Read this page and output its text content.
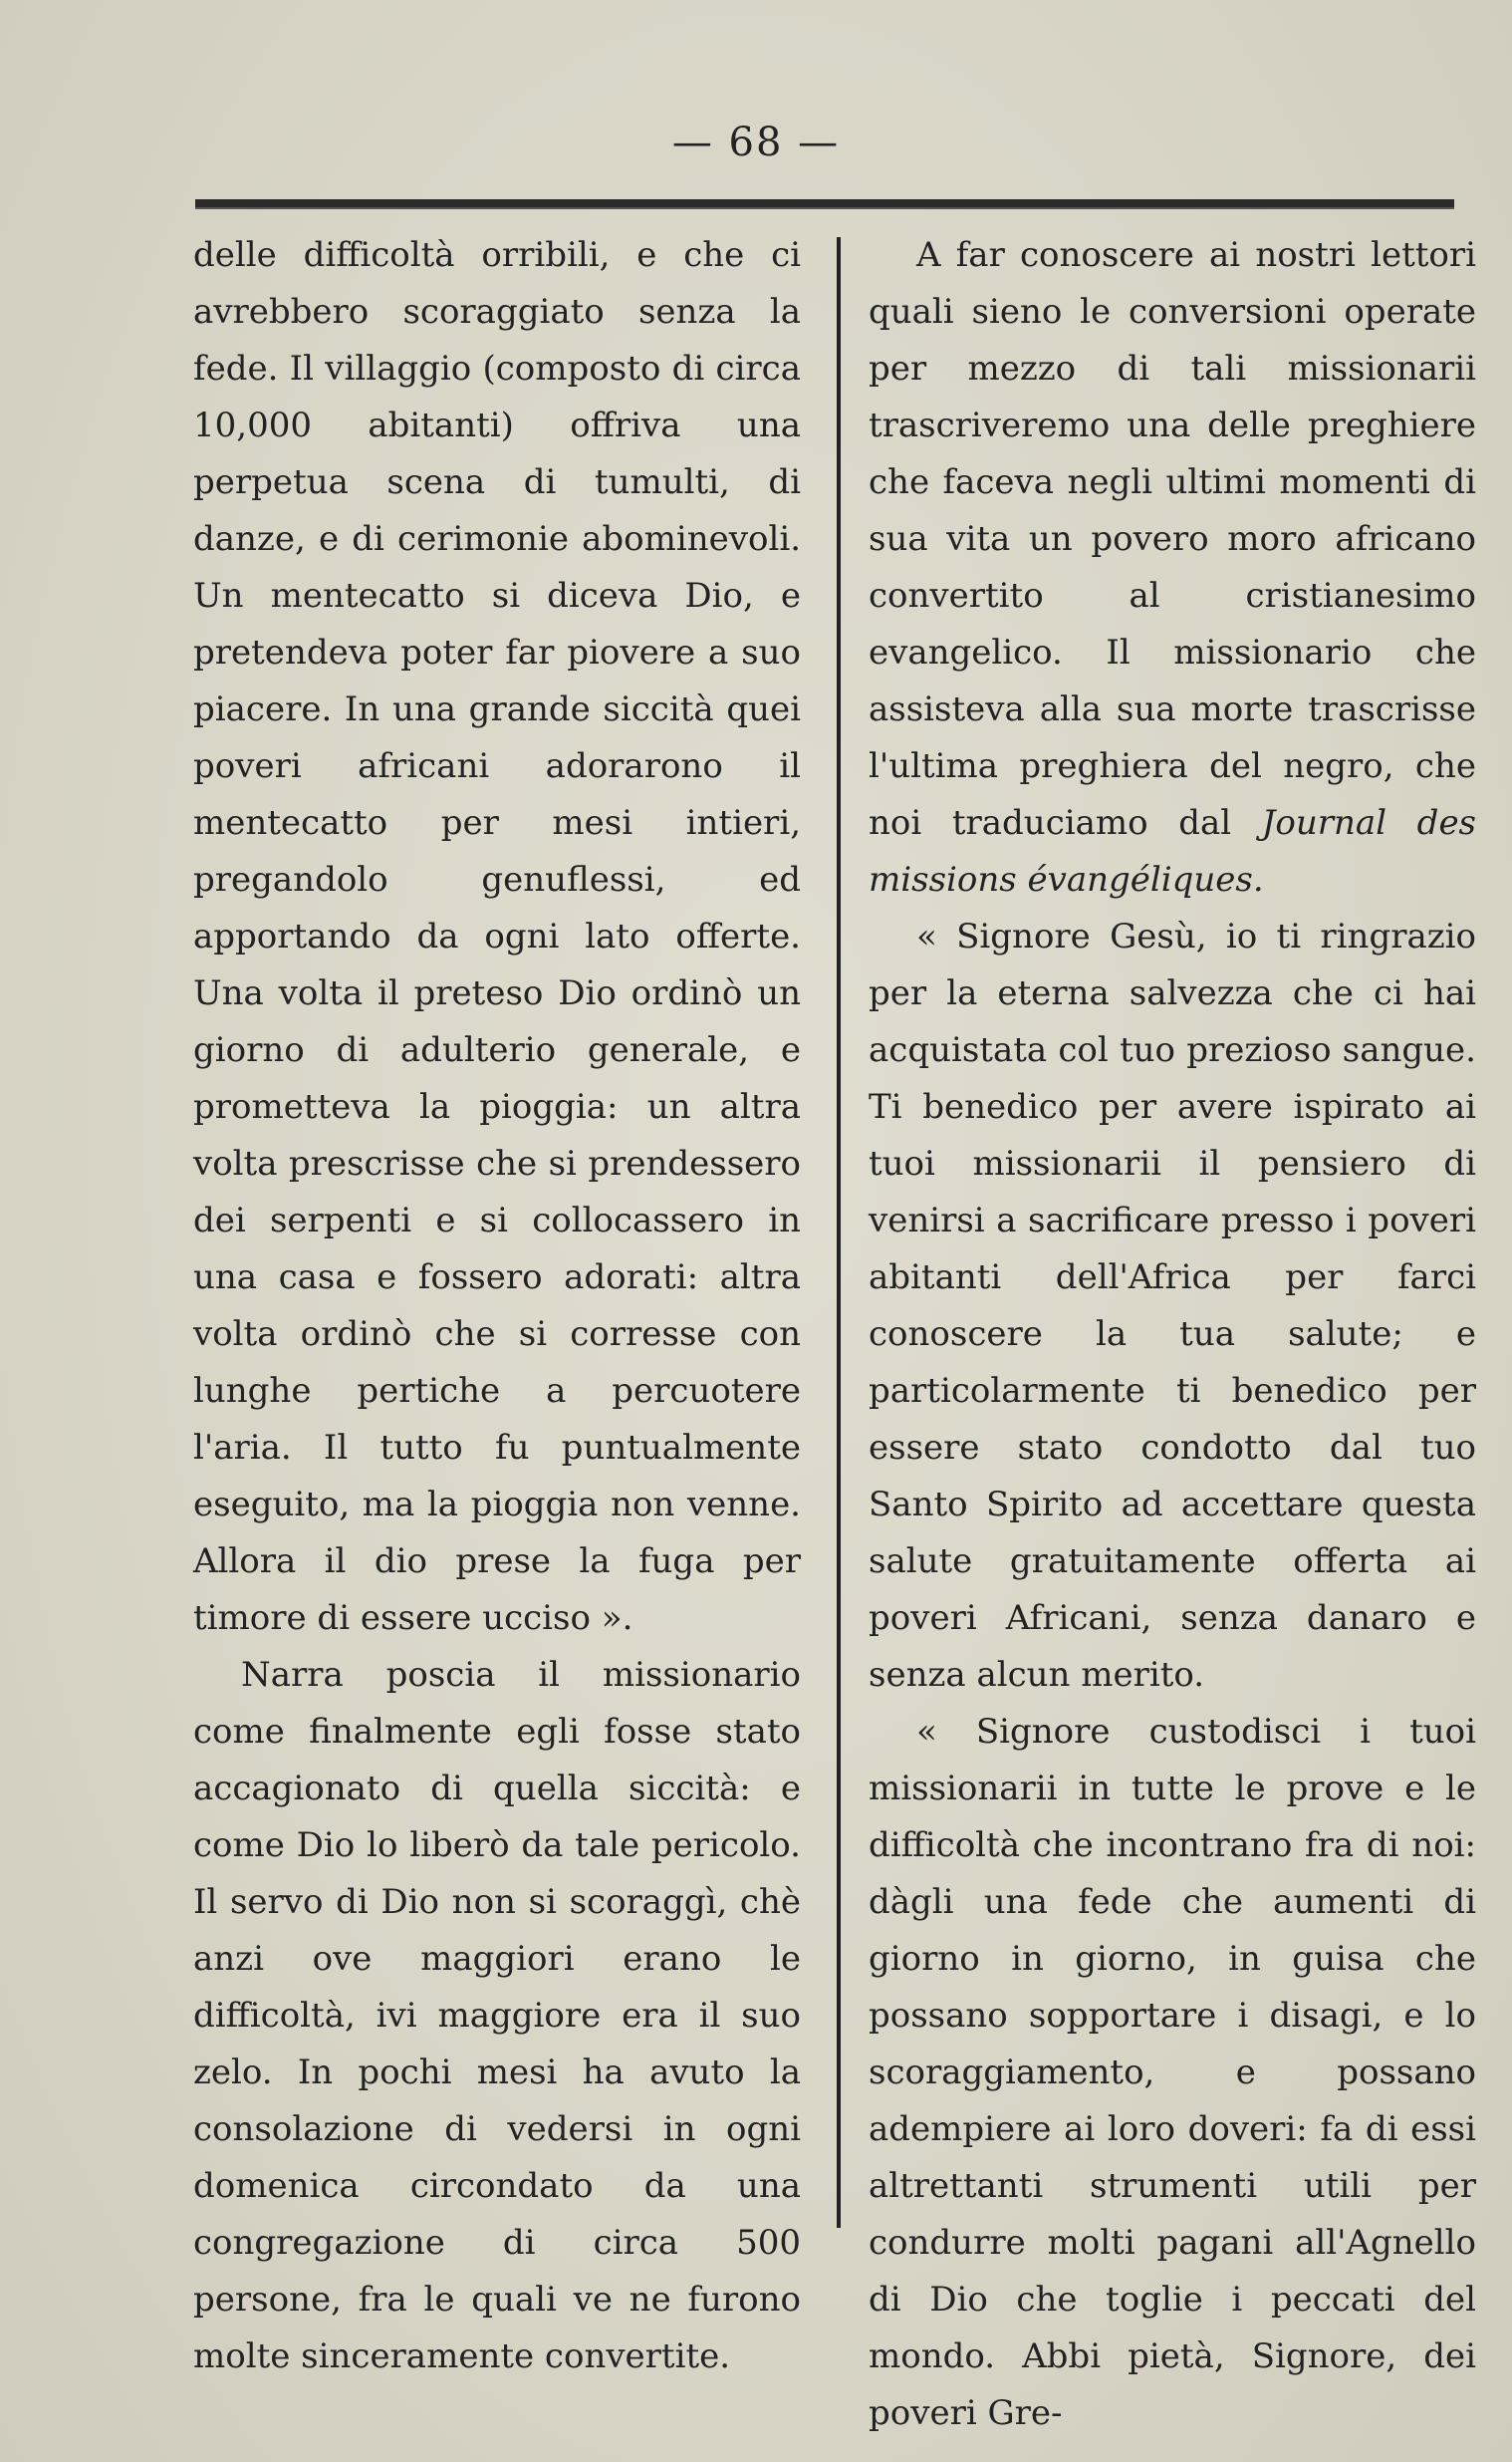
— 68 —

delle difficoltà orribili, e che ci avrebbero scoraggiato senza la fede. Il villaggio (composto di circa 10,000 abitanti) offriva una perpetua scena di tumulti, di danze, e di cerimonie abominevoli. Un mentecatto si diceva Dio, e pretendeva poter far piovere a suo piacere. In una grande siccità quei poveri africani adorarono il mentecatto per mesi intieri, pregandolo genuflessi, ed apportando da ogni lato offerte. Una volta il preteso Dio ordinò un giorno di adulterio generale, e prometteva la pioggia: un altra volta prescrisse che si prendessero dei serpenti e si collocassero in una casa e fossero adorati: altra volta ordinò che si corresse con lunghe pertiche a percuotere l'aria. Il tutto fu puntualmente eseguito, ma la pioggia non venne. Allora il dio prese la fuga per timore di essere ucciso ».

Narra poscia il missionario come finalmente egli fosse stato accagionato di quella siccità: e come Dio lo liberò da tale pericolo. Il servo di Dio non si scoraggì, chè anzi ove maggiori erano le difficoltà, ivi maggiore era il suo zelo. In pochi mesi ha avuto la consolazione di vedersi in ogni domenica circondato da una congregazione di circa 500 persone, fra le quali ve ne furono molte sinceramente convertite.

A far conoscere ai nostri lettori quali sieno le conversioni operate per mezzo di tali missionarii trascriveremo una delle preghiere che faceva negli ultimi momenti di sua vita un povero moro africano convertito al cristianesimo evangelico. Il missionario che assisteva alla sua morte trascrisse l'ultima preghiera del negro, che noi traduciamo dal Journal des missions évangéliques.

« Signore Gesù, io ti ringrazio per la eterna salvezza che ci hai acquistata col tuo prezioso sangue. Ti benedico per avere ispirato ai tuoi missionarii il pensiero di venirsi a sacrificare presso i poveri abitanti dell'Africa per farci conoscere la tua salute; e particolarmente ti benedico per essere stato condotto dal tuo Santo Spirito ad accettare questa salute gratuitamente offerta ai poveri Africani, senza danaro e senza alcun merito.

« Signore custodisci i tuoi missionarii in tutte le prove e le difficoltà che incontrano fra di noi: dàgli una fede che aumenti di giorno in giorno, in guisa che possano sopportare i disagi, e lo scoraggiamento, e possano adempiere ai loro doveri: fa di essi altrettanti strumenti utili per condurre molti pagani all'Agnello di Dio che toglie i peccati del mondo. Abbi pietà, Signore, dei poveri Gre-
